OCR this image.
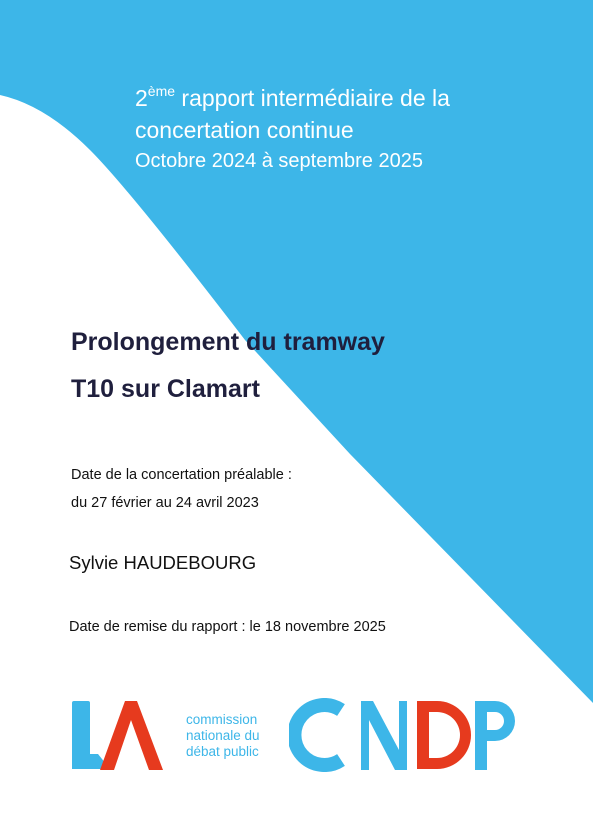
2ème rapport intermédiaire de la

concertation continue

Octobre 2024 à septembre 2025
Prolongement du tramway
T10 sur Clamart
Date de la concertation préalable :
du 27 février au 24 avril 2023
Sylvie HAUDEBOURG
Date de remise du rapport : le 18 novembre 2025
commission
nationale du
débat public
